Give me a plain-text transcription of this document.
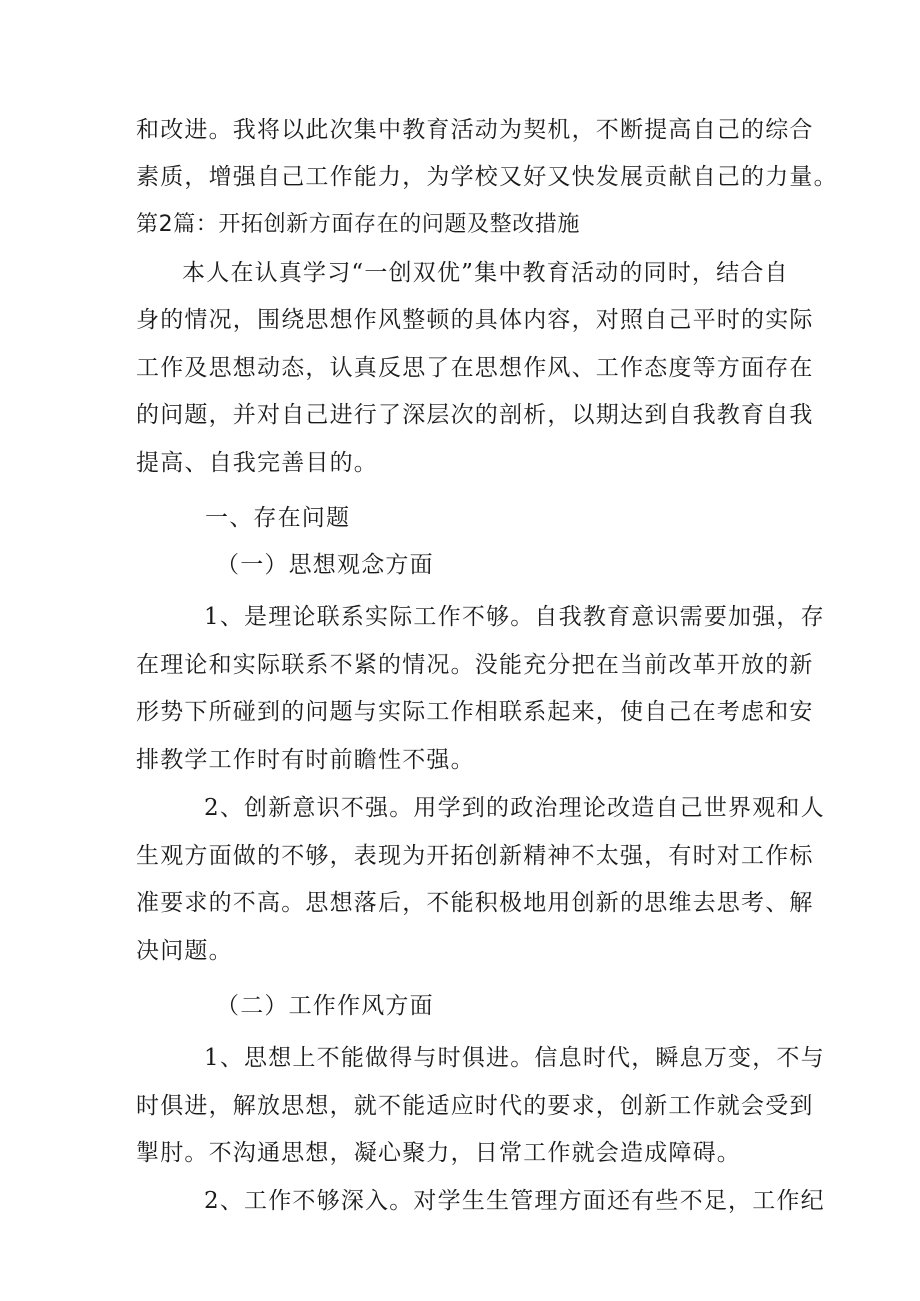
和改进。我将以此次集中教育活动为契机，不断提高自己的综合

素质，增强自己工作能力，为学校又好又快发展贡献自己的力量。

第2篇：开拓创新方面存在的问题及整改措施

本人在认真学习“一创双优”集中教育活动的同时，结合自

身的情况，围绕思想作风整顿的具体内容，对照自己平时的实际

工作及思想动态，认真反思了在思想作风、工作态度等方面存在

的问题，并对自己进行了深层次的剖析，以期达到自我教育自我

提高、自我完善目的。

一、存在问题

（一）思想观念方面

1、是理论联系实际工作不够。自我教育意识需要加强，存

在理论和实际联系不紧的情况。没能充分把在当前改革开放的新

形势下所碰到的问题与实际工作相联系起来，使自己在考虑和安

排教学工作时有时前瞻性不强。

2、创新意识不强。用学到的政治理论改造自己世界观和人

生观方面做的不够，表现为开拓创新精神不太强，有时对工作标

准要求的不高。思想落后，不能积极地用创新的思维去思考、解

决问题。

（二）工作作风方面

1、思想上不能做得与时俱进。信息时代，瞬息万变，不与

时俱进，解放思想，就不能适应时代的要求，创新工作就会受到

掣肘。不沟通思想，凝心聚力，日常工作就会造成障碍。

2、工作不够深入。对学生生管理方面还有些不足，工作纪
